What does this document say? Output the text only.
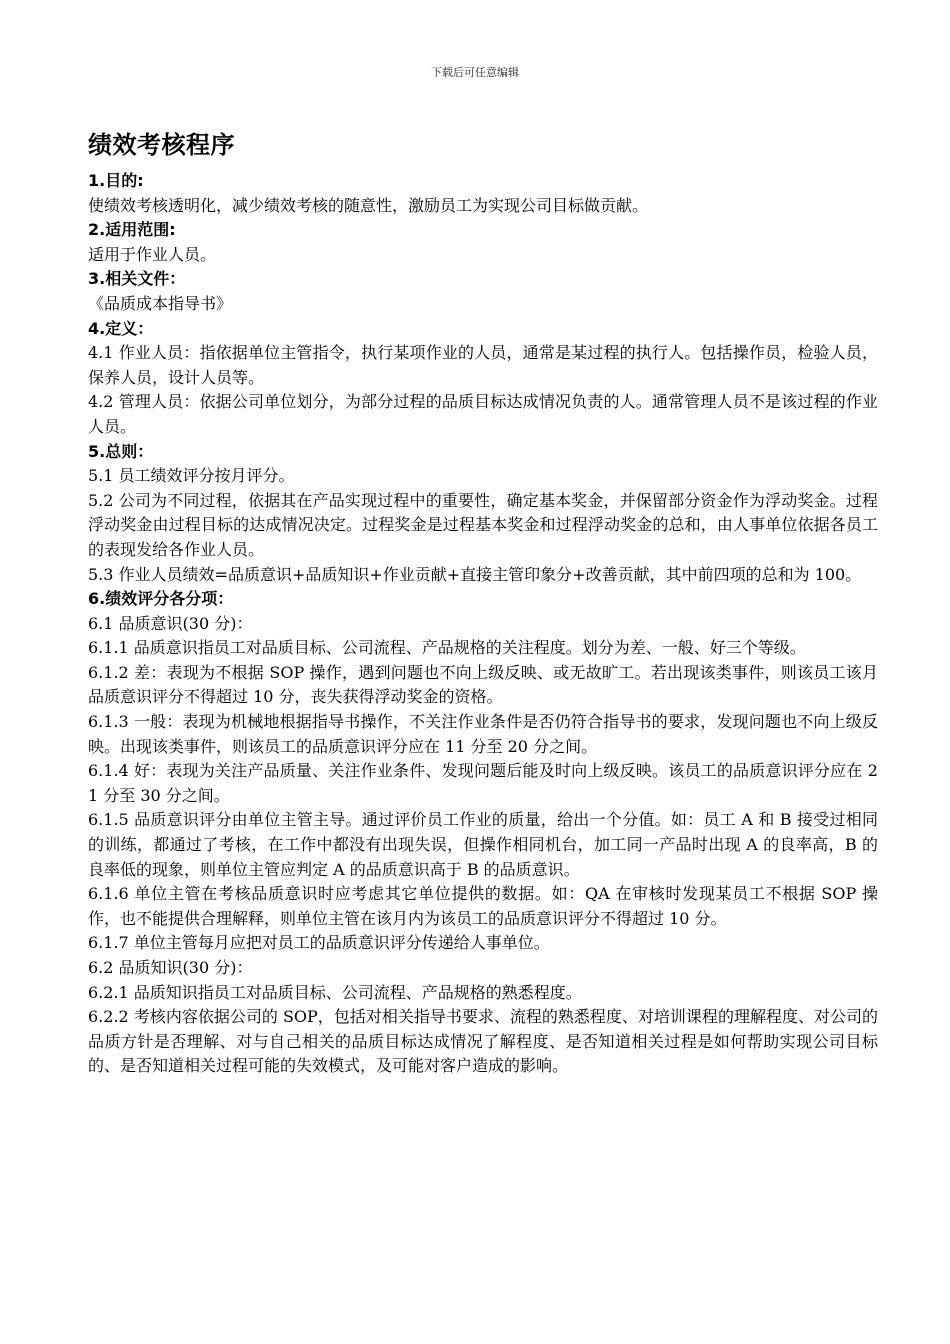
下载后可任意编辑
绩效考核程序
1.目的:

使绩效考核透明化，减少绩效考核的随意性，激励员工为实现公司目标做贡献。

2.适用范围:

适用于作业人员。

3.相关文件：

《品质成本指导书》

4.定义：

4.1 作业人员：指依据单位主管指令，执行某项作业的人员，通常是某过程的执行人。包括操作员，检验人员，保养人员，设计人员等。

4.2 管理人员：依据公司单位划分，为部分过程的品质目标达成情况负责的人。通常管理人员不是该过程的作业人员。

5.总则：

5.1 员工绩效评分按月评分。

5.2 公司为不同过程，依据其在产品实现过程中的重要性，确定基本奖金，并保留部分资金作为浮动奖金。过程浮动奖金由过程目标的达成情况决定。过程奖金是过程基本奖金和过程浮动奖金的总和，由人事单位依据各员工的表现发给各作业人员。

5.3 作业人员绩效=品质意识+品质知识+作业贡献+直接主管印象分+改善贡献，其中前四项的总和为 100。

6.绩效评分各分项：

6.1 品质意识(30 分)：

6.1.1 品质意识指员工对品质目标、公司流程、产品规格的关注程度。划分为差、一般、好三个等级。

6.1.2 差：表现为不根据 SOP 操作，遇到问题也不向上级反映、或无故旷工。若出现该类事件，则该员工该月品质意识评分不得超过 10 分，丧失获得浮动奖金的资格。

6.1.3 一般：表现为机械地根据指导书操作，不关注作业条件是否仍符合指导书的要求，发现问题也不向上级反映。出现该类事件，则该员工的品质意识评分应在 11 分至 20 分之间。

6.1.4 好：表现为关注产品质量、关注作业条件、发现问题后能及时向上级反映。该员工的品质意识评分应在 21 分至 30 分之间。

6.1.5 品质意识评分由单位主管主导。通过评价员工作业的质量，给出一个分值。如：员工 A 和 B 接受过相同的训练，都通过了考核，在工作中都没有出现失误，但操作相同机台，加工同一产品时出现 A 的良率高，B 的良率低的现象，则单位主管应判定 A 的品质意识高于 B 的品质意识。

6.1.6 单位主管在考核品质意识时应考虑其它单位提供的数据。如：QA 在审核时发现某员工不根据 SOP 操作，也不能提供合理解释，则单位主管在该月内为该员工的品质意识评分不得超过 10 分。

6.1.7 单位主管每月应把对员工的品质意识评分传递给人事单位。

6.2 品质知识(30 分)：

6.2.1 品质知识指员工对品质目标、公司流程、产品规格的熟悉程度。

6.2.2 考核内容依据公司的 SOP，包括对相关指导书要求、流程的熟悉程度、对培训课程的理解程度、对公司的品质方针是否理解、对与自己相关的品质目标达成情况了解程度、是否知道相关过程是如何帮助实现公司目标的、是否知道相关过程可能的失效模式，及可能对客户造成的影响。
